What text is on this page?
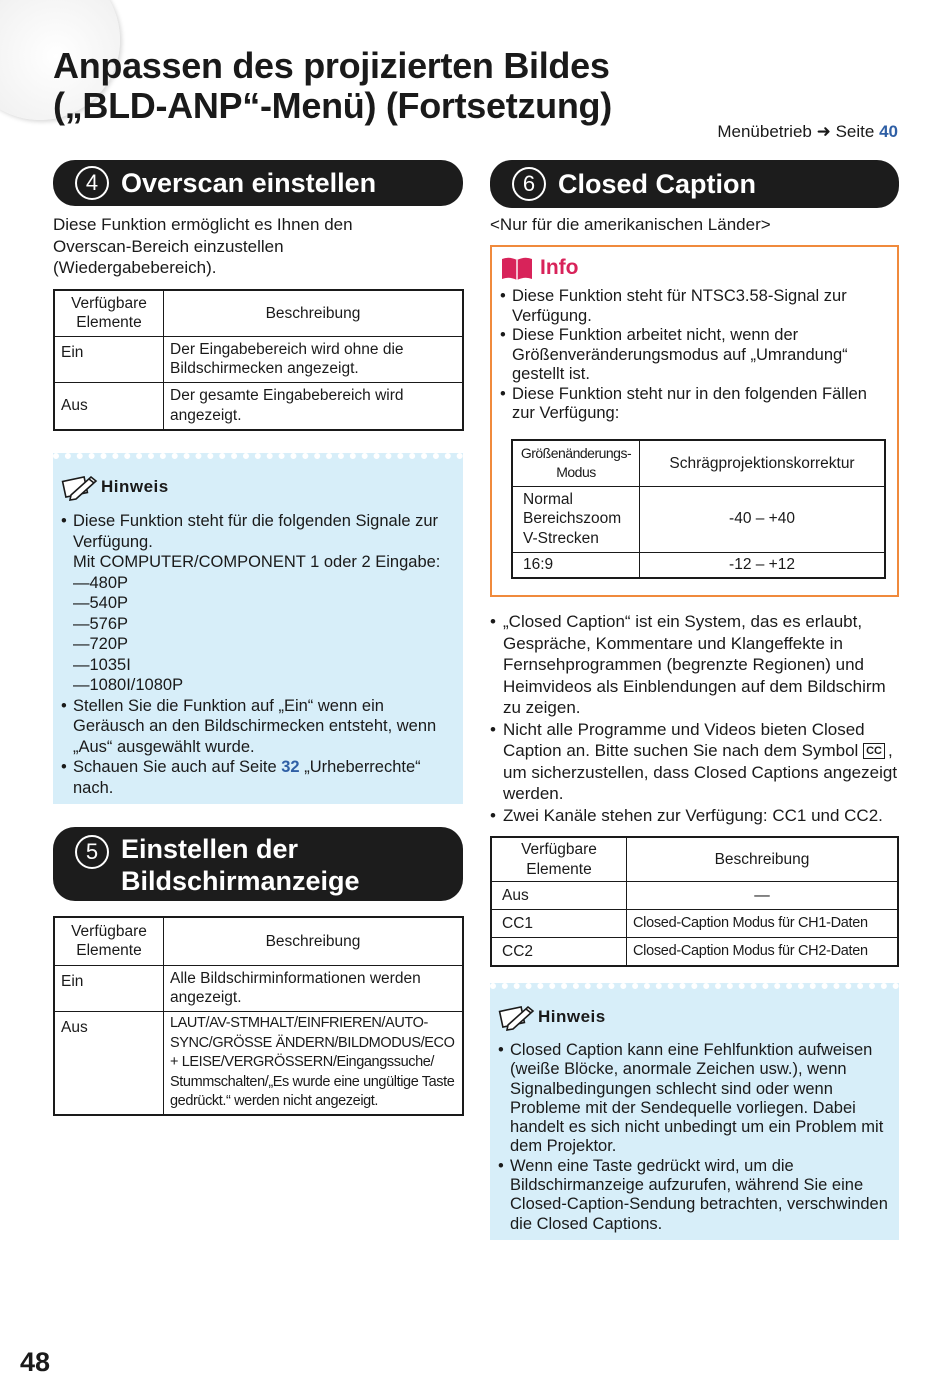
Anpassen des projizierten Bildes
(„BLD-ANP“-Menü) (Fortsetzung)
Menübetrieb ➜ Seite 40
4 Overscan einstellen
Diese Funktion ermöglicht es Ihnen den Overscan-Bereich einzustellen (Wiedergabebereich).
Verfügbare Elemente	Beschreibung
Ein	Der Eingabebereich wird ohne die Bildschirmecken angezeigt.
Aus	Der gesamte Eingabebereich wird angezeigt.
Hinweis
• Diese Funktion steht für die folgenden Signale zur Verfügung.
Mit COMPUTER/COMPONENT 1 oder 2 Eingabe:
—480P
—540P
—576P
—720P
—1035I
—1080I/1080P
• Stellen Sie die Funktion auf „Ein“ wenn ein Geräusch an den Bildschirmecken entsteht, wenn „Aus“ ausgewählt wurde.
• Schauen Sie auch auf Seite 32 „Urheberrechte“ nach.
5 Einstellen der
Bildschirmanzeige
Verfügbare Elemente	Beschreibung
Ein	Alle Bildschirminformationen werden angezeigt.
Aus	LAUT/AV-STMHALT/EINFRIEREN/AUTO-SYNC/GRÖSSE ÄNDERN/BILDMODUS/ECO + LEISE/VERGRÖSSERN/Eingangssuche/ Stummschalten/„Es wurde eine ungültige Taste gedrückt.“ werden nicht angezeigt.
6 Closed Caption
<Nur für die amerikanischen Länder>
Info
• Diese Funktion steht für NTSC3.58-Signal zur Verfügung.
• Diese Funktion arbeitet nicht, wenn der Größenveränderungsmodus auf „Umrandung“ gestellt ist.
• Diese Funktion steht nur in den folgenden Fällen zur Verfügung:
Größenänderungs-Modus	Schrägprojektionskorrektur
Normal
Bereichszoom
V-Strecken	-40 – +40
16:9	-12 – +12
• „Closed Caption“ ist ein System, das es erlaubt, Gespräche, Kommentare und Klangeffekte in Fernsehprogrammen (begrenzte Regionen) und Heimvideos als Einblendungen auf dem Bildschirm zu zeigen.
• Nicht alle Programme und Videos bieten Closed Caption an. Bitte suchen Sie nach dem Symbol CC , um sicherzustellen, dass Closed Captions angezeigt werden.
• Zwei Kanäle stehen zur Verfügung: CC1 und CC2.
Verfügbare Elemente	Beschreibung
Aus	—
CC1	Closed-Caption Modus für CH1-Daten
CC2	Closed-Caption Modus für CH2-Daten
Hinweis
• Closed Caption kann eine Fehlfunktion aufweisen (weiße Blöcke, anormale Zeichen usw.), wenn Signalbedingungen schlecht sind oder wenn Probleme mit der Sendequelle vorliegen. Dabei handelt es sich nicht unbedingt um ein Problem mit dem Projektor.
• Wenn eine Taste gedrückt wird, um die Bildschirmanzeige aufzurufen, während Sie eine Closed-Caption-Sendung betrachten, verschwinden die Closed Captions.
48
